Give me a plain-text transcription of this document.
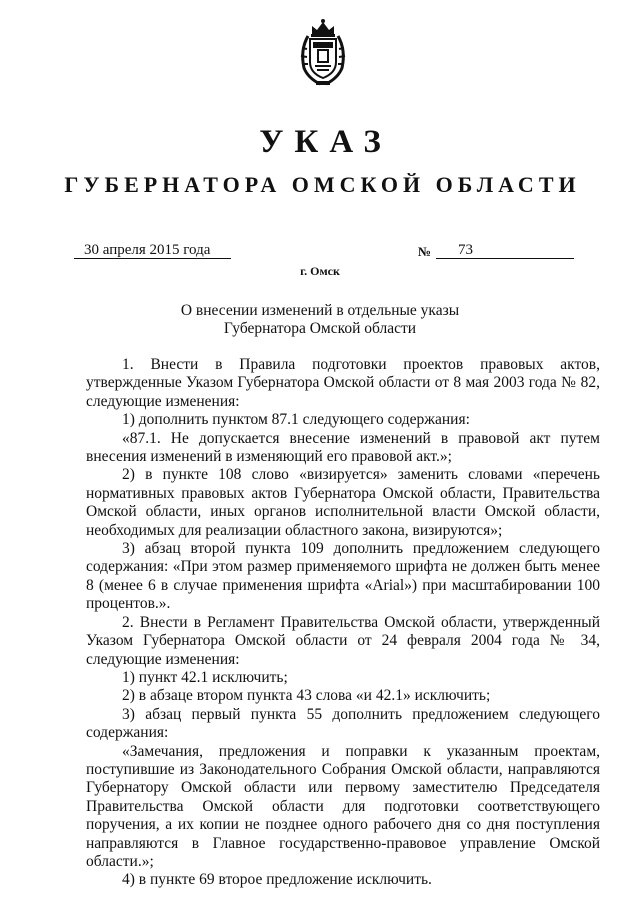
УКАЗ
ГУБЕРНАТОРА ОМСКОЙ ОБЛАСТИ
30 апреля 2015 года	№	73
г. Омск
О внесении изменений в отдельные указы
Губернатора Омской области

1. Внести в Правила подготовки проектов правовых актов, утвержденные Указом Губернатора Омской области от 8 мая 2003 года № 82, следующие изменения:

1) дополнить пунктом 87.1 следующего содержания:

«87.1. Не допускается внесение изменений в правовой акт путем внесения изменений в изменяющий его правовой акт.»;

2) в пункте 108 слово «визируется» заменить словами «перечень нормативных правовых актов Губернатора Омской области, Правительства Омской области, иных органов исполнительной власти Омской области, необходимых для реализации областного закона, визируются»;

3) абзац второй пункта 109 дополнить предложением следующего содержания: «При этом размер применяемого шрифта не должен быть менее 8 (менее 6 в случае применения шрифта «Arial») при масштабировании 100 процентов.».

2. Внести в Регламент Правительства Омской области, утвержденный Указом Губернатора Омской области от 24 февраля 2004 года № 34, следующие изменения:

1) пункт 42.1 исключить;

2) в абзаце втором пункта 43 слова «и 42.1» исключить;

3) абзац первый пункта 55 дополнить предложением следующего содержания:

«Замечания, предложения и поправки к указанным проектам, поступившие из Законодательного Собрания Омской области, направляются Губернатору Омской области или первому заместителю Председателя Правительства Омской области для подготовки соответствующего поручения, а их копии не позднее одного рабочего дня со дня поступления направляются в Главное государственно-правовое управление Омской области.»;

4) в пункте 69 второе предложение исключить.
